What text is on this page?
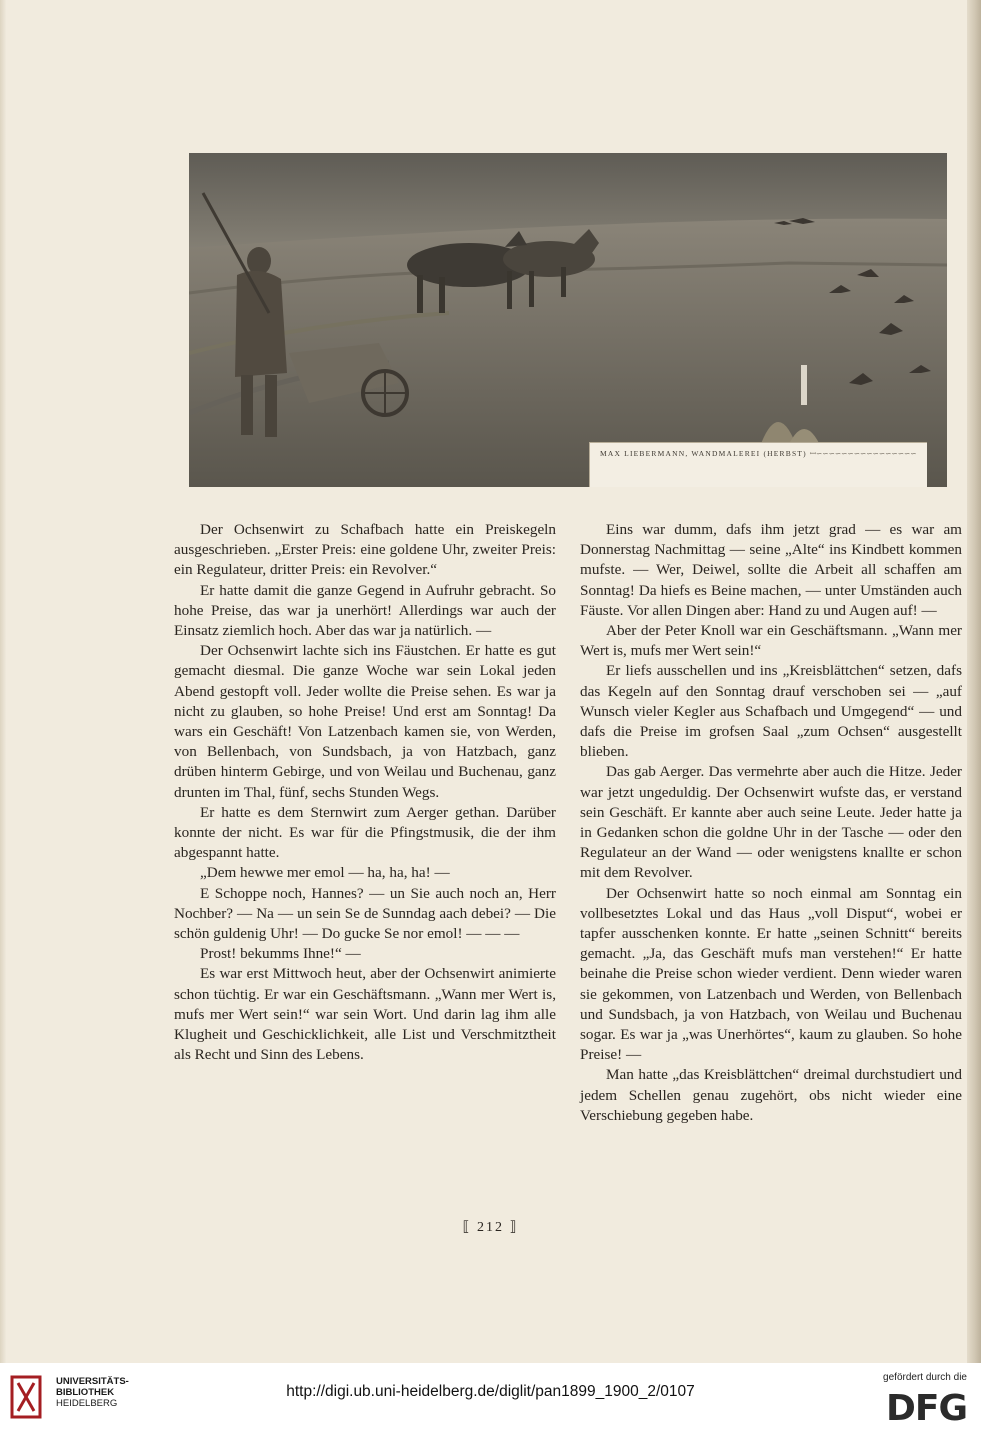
MAX LIEBERMANN, WANDMALEREI (HERBST) ꟷ∽∽∽∽∽∽∽∽∽∽∽∽∽∽∽∽

Der Ochsenwirt zu Schafbach hatte ein Preiskegeln ausgeschrieben. „Erster Preis: eine goldene Uhr, zweiter Preis: ein Regulateur, dritter Preis: ein Revolver.“

Er hatte damit die ganze Gegend in Aufruhr gebracht. So hohe Preise, das war ja unerhört! Allerdings war auch der Einsatz ziemlich hoch. Aber das war ja natürlich. —

Der Ochsenwirt lachte sich ins Fäustchen. Er hatte es gut gemacht diesmal. Die ganze Woche war sein Lokal jeden Abend gestopft voll. Jeder wollte die Preise sehen. Es war ja nicht zu glauben, so hohe Preise! Und erst am Sonntag! Da wars ein Geschäft! Von Latzenbach kamen sie, von Werden, von Bellenbach, von Sundsbach, ja von Hatzbach, ganz drüben hinterm Gebirge, und von Weilau und Buchenau, ganz drunten im Thal, fünf, sechs Stunden Wegs.

Er hatte es dem Sternwirt zum Aerger gethan. Darüber konnte der nicht. Es war für die Pfingstmusik, die der ihm abgespannt hatte.

„Dem hewwe mer emol — ha, ha, ha! —

E Schoppe noch, Hannes? — un Sie auch noch an, Herr Nochber? — Na — un sein Se de Sunndag aach debei? — Die schön guldenig Uhr! — Do gucke Se nor emol! — — —

Prost! bekumms Ihne!“ —

Es war erst Mittwoch heut, aber der Ochsenwirt animierte schon tüchtig. Er war ein Geschäftsmann. „Wann mer Wert is, mufs mer Wert sein!“ war sein Wort. Und darin lag ihm alle Klugheit und Geschicklichkeit, alle List und Verschmitztheit als Recht und Sinn des Lebens.

Eins war dumm, dafs ihm jetzt grad — es war am Donnerstag Nachmittag — seine „Alte“ ins Kindbett kommen mufste. — Wer, Deiwel, sollte die Arbeit all schaffen am Sonntag! Da hiefs es Beine machen, — unter Umständen auch Fäuste. Vor allen Dingen aber: Hand zu und Augen auf! —

Aber der Peter Knoll war ein Geschäftsmann. „Wann mer Wert is, mufs mer Wert sein!“

Er liefs ausschellen und ins „Kreisblättchen“ setzen, dafs das Kegeln auf den Sonntag drauf verschoben sei — „auf Wunsch vieler Kegler aus Schafbach und Umgegend“ — und dafs die Preise im grofsen Saal „zum Ochsen“ ausgestellt blieben.

Das gab Aerger. Das vermehrte aber auch die Hitze. Jeder war jetzt ungeduldig. Der Ochsenwirt wufste das, er verstand sein Geschäft. Er kannte aber auch seine Leute. Jeder hatte ja in Gedanken schon die goldne Uhr in der Tasche — oder den Regulateur an der Wand — oder wenigstens knallte er schon mit dem Revolver.

Der Ochsenwirt hatte so noch einmal am Sonntag ein vollbesetztes Lokal und das Haus „voll Disput“, wobei er tapfer ausschenken konnte. Er hatte „seinen Schnitt“ bereits gemacht. „Ja, das Geschäft mufs man verstehen!“ Er hatte beinahe die Preise schon wieder verdient. Denn wieder waren sie gekommen, von Latzenbach und Werden, von Bellenbach und Sundsbach, ja von Hatzbach, von Weilau und Buchenau sogar. Es war ja „was Unerhörtes“, kaum zu glauben. So hohe Preise! —

Man hatte „das Kreisblättchen“ dreimal durchstudiert und jedem Schellen genau zugehört, obs nicht wieder eine Verschiebung gegeben habe.

⟦ 212 ⟧
UNIVERSITÄTS-
BIBLIOTHEK
HEIDELBERG
http://digi.ub.uni-heidelberg.de/diglit/pan1899_1900_2/0107
gefördert durch die
DFG
